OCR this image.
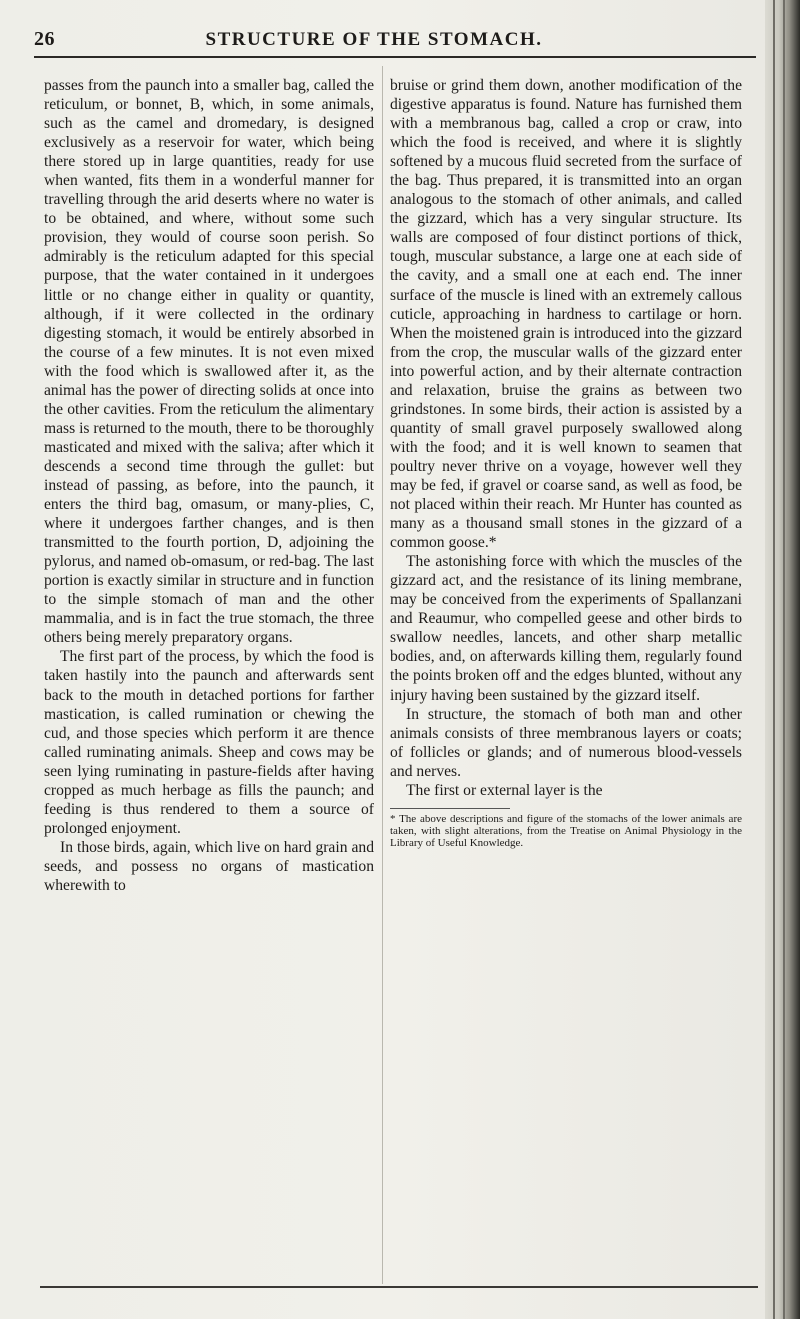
26	STRUCTURE OF THE STOMACH.

passes from the paunch into a smaller bag, called the reticulum, or bonnet, B, which, in some animals, such as the camel and dromedary, is designed exclusively as a reservoir for water, which being there stored up in large quantities, ready for use when wanted, fits them in a wonderful manner for travelling through the arid deserts where no water is to be obtained, and where, without some such provision, they would of course soon perish. So admirably is the reticulum adapted for this special purpose, that the water contained in it undergoes little or no change either in quality or quantity, although, if it were collected in the ordinary digesting stomach, it would be entirely absorbed in the course of a few minutes. It is not even mixed with the food which is swallowed after it, as the animal has the power of directing solids at once into the other cavities. From the reticulum the alimentary mass is returned to the mouth, there to be thoroughly masticated and mixed with the saliva; after which it descends a second time through the gullet: but instead of passing, as before, into the paunch, it enters the third bag, omasum, or many-plies, C, where it undergoes farther changes, and is then transmitted to the fourth portion, D, adjoining the pylorus, and named ob-omasum, or red-bag. The last portion is exactly similar in structure and in function to the simple stomach of man and the other mammalia, and is in fact the true stomach, the three others being merely preparatory organs.

The first part of the process, by which the food is taken hastily into the paunch and afterwards sent back to the mouth in detached portions for farther mastication, is called rumination or chewing the cud, and those species which perform it are thence called ruminating animals. Sheep and cows may be seen lying ruminating in pasture-fields after having cropped as much herbage as fills the paunch; and feeding is thus rendered to them a source of prolonged enjoyment.

In those birds, again, which live on hard grain and seeds, and possess no organs of mastication wherewith to

bruise or grind them down, another modification of the digestive apparatus is found. Nature has furnished them with a membranous bag, called a crop or craw, into which the food is received, and where it is slightly softened by a mucous fluid secreted from the surface of the bag. Thus prepared, it is transmitted into an organ analogous to the stomach of other animals, and called the gizzard, which has a very singular structure. Its walls are composed of four distinct portions of thick, tough, muscular substance, a large one at each side of the cavity, and a small one at each end. The inner surface of the muscle is lined with an extremely callous cuticle, approaching in hardness to cartilage or horn. When the moistened grain is introduced into the gizzard from the crop, the muscular walls of the gizzard enter into powerful action, and by their alternate contraction and relaxation, bruise the grains as between two grindstones. In some birds, their action is assisted by a quantity of small gravel purposely swallowed along with the food; and it is well known to seamen that poultry never thrive on a voyage, however well they may be fed, if gravel or coarse sand, as well as food, be not placed within their reach. Mr Hunter has counted as many as a thousand small stones in the gizzard of a common goose.*

The astonishing force with which the muscles of the gizzard act, and the resistance of its lining membrane, may be conceived from the experiments of Spallanzani and Reaumur, who compelled geese and other birds to swallow needles, lancets, and other sharp metallic bodies, and, on afterwards killing them, regularly found the points broken off and the edges blunted, without any injury having been sustained by the gizzard itself.

In structure, the stomach of both man and other animals consists of three membranous layers or coats; of follicles or glands; and of numerous blood-vessels and nerves.

The first or external layer is the

* The above descriptions and figure of the stomachs of the lower animals are taken, with slight alterations, from the Treatise on Animal Physiology in the Library of Useful Knowledge.
